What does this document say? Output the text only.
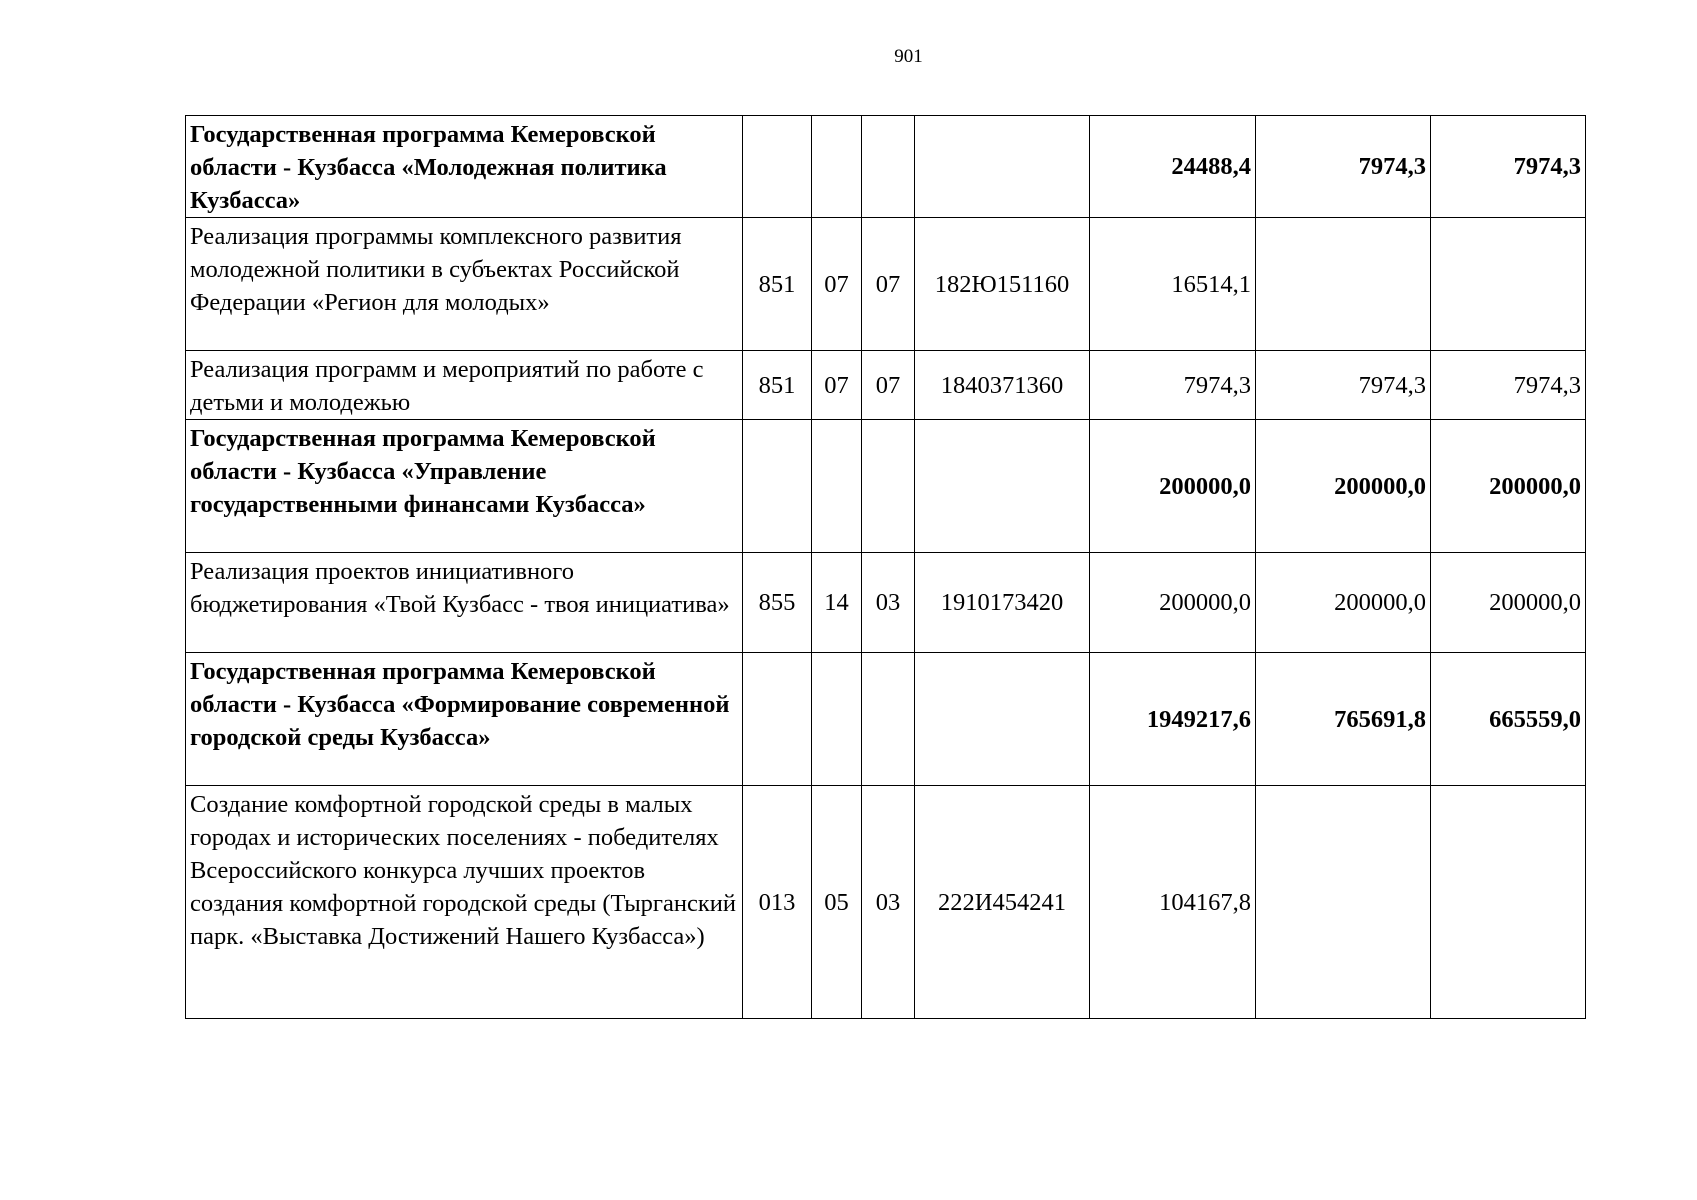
901
Государственная программа Кемеровской области - Кузбасса «Молодежная политика Кузбасса»					24488,4	7974,3	7974,3
Реализация программы комплексного развития молодежной политики в субъектах Российской Федерации «Регион для молодых»	851	07	07	182Ю151160	16514,1		
Реализация программ и мероприятий по работе с детьми и молодежью	851	07	07	1840371360	7974,3	7974,3	7974,3
Государственная программа Кемеровской области - Кузбасса «Управление государственными финансами Кузбасса»					200000,0	200000,0	200000,0
Реализация проектов инициативного бюджетирования «Твой Кузбасс - твоя инициатива»	855	14	03	1910173420	200000,0	200000,0	200000,0
Государственная программа Кемеровской области - Кузбасса «Формирование современной городской среды Кузбасса»					1949217,6	765691,8	665559,0
Создание комфортной городской среды в малых городах и исторических поселениях - победителях Всероссийского конкурса лучших проектов создания комфортной городской среды (Тырганский парк. «Выставка Достижений Нашего Кузбасса»)	013	05	03	222И454241	104167,8		
